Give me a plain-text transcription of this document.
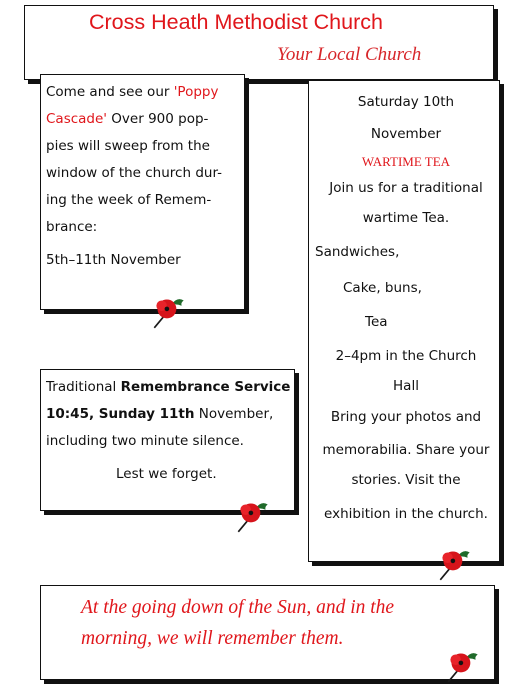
Cross Heath Methodist Church
Your Local Church

Come and see our 'Poppy

Cascade' Over 900 pop-

pies will sweep from the

window of the church dur-

ing the week of Remem-

brance:

5th–11th November

Traditional Remembrance Service

10:45, Sunday 11th November,

including two minute silence.

Lest we forget.

Saturday 10th

November

WARTIME TEA

Join us for a traditional

wartime Tea.

Sandwiches,

Cake, buns,

Tea

2–4pm in the Church

Hall

Bring your photos and

memorabilia. Share your

stories. Visit the

exhibition in the church.

At the going down of the Sun, and in the
morning, we will remember them.
